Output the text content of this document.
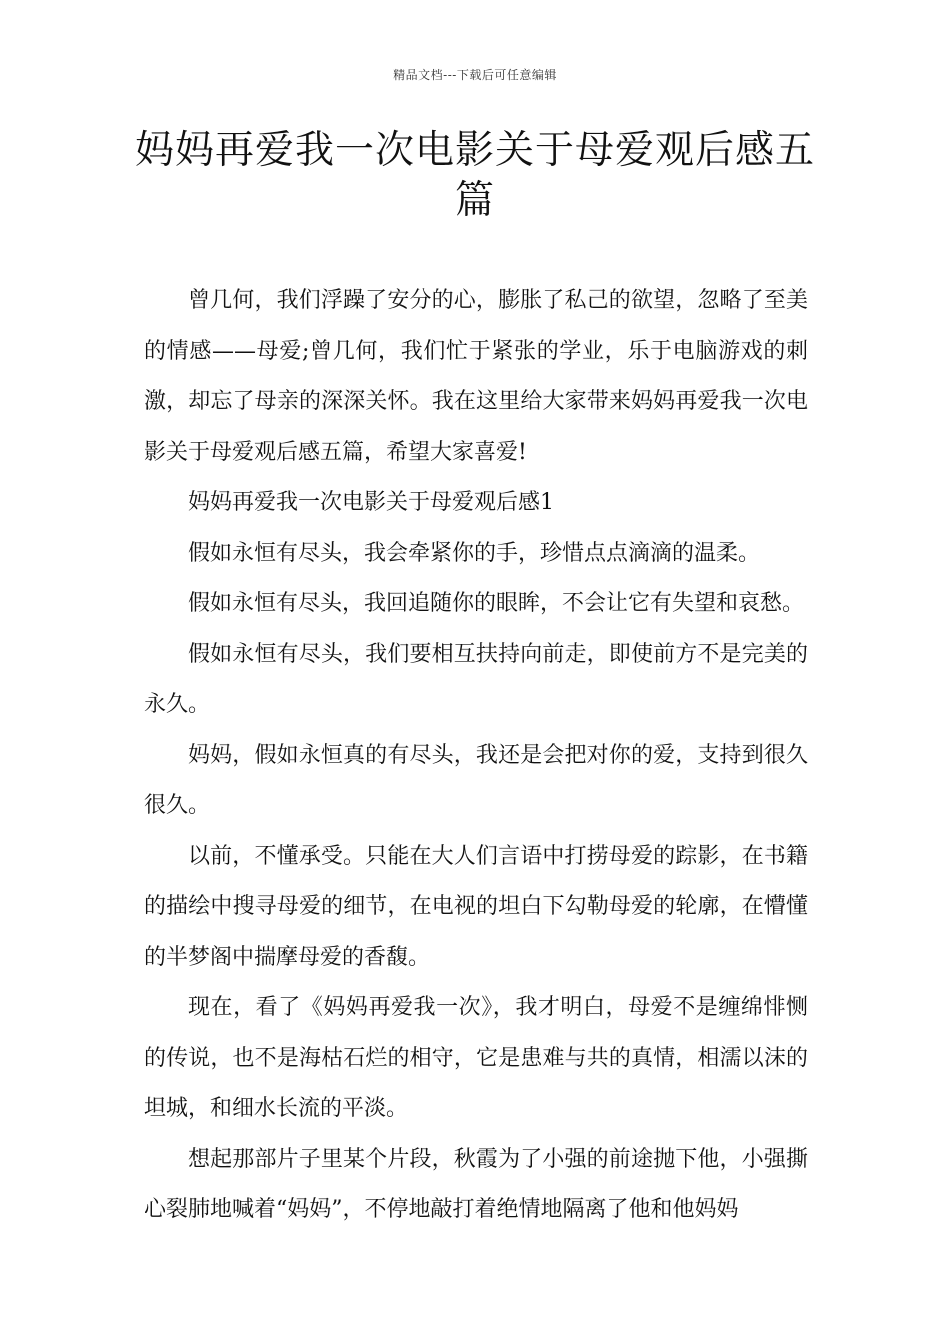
精品文档---下载后可任意编辑
妈妈再爱我一次电影关于母爱观后感五篇

曾几何，我们浮躁了安分的心，膨胀了私己的欲望，忽略了至美的情感——母爱;曾几何，我们忙于紧张的学业，乐于电脑游戏的刺激，却忘了母亲的深深关怀。我在这里给大家带来妈妈再爱我一次电影关于母爱观后感五篇，希望大家喜爱!

妈妈再爱我一次电影关于母爱观后感1

假如永恒有尽头，我会牵紧你的手，珍惜点点滴滴的温柔。

假如永恒有尽头，我回追随你的眼眸，不会让它有失望和哀愁。

假如永恒有尽头，我们要相互扶持向前走，即使前方不是完美的永久。

妈妈，假如永恒真的有尽头，我还是会把对你的爱，支持到很久很久。

以前，不懂承受。只能在大人们言语中打捞母爱的踪影，在书籍的描绘中搜寻母爱的细节，在电视的坦白下勾勒母爱的轮廓，在懵懂的半梦阁中揣摩母爱的香馥。

现在，看了《妈妈再爱我一次》，我才明白，母爱不是缠绵悱恻的传说，也不是海枯石烂的相守，它是患难与共的真情，相濡以沫的坦城，和细水长流的平淡。

想起那部片子里某个片段，秋霞为了小强的前途抛下他，小强撕心裂肺地喊着“妈妈”，不停地敲打着绝情地隔离了他和他妈妈
